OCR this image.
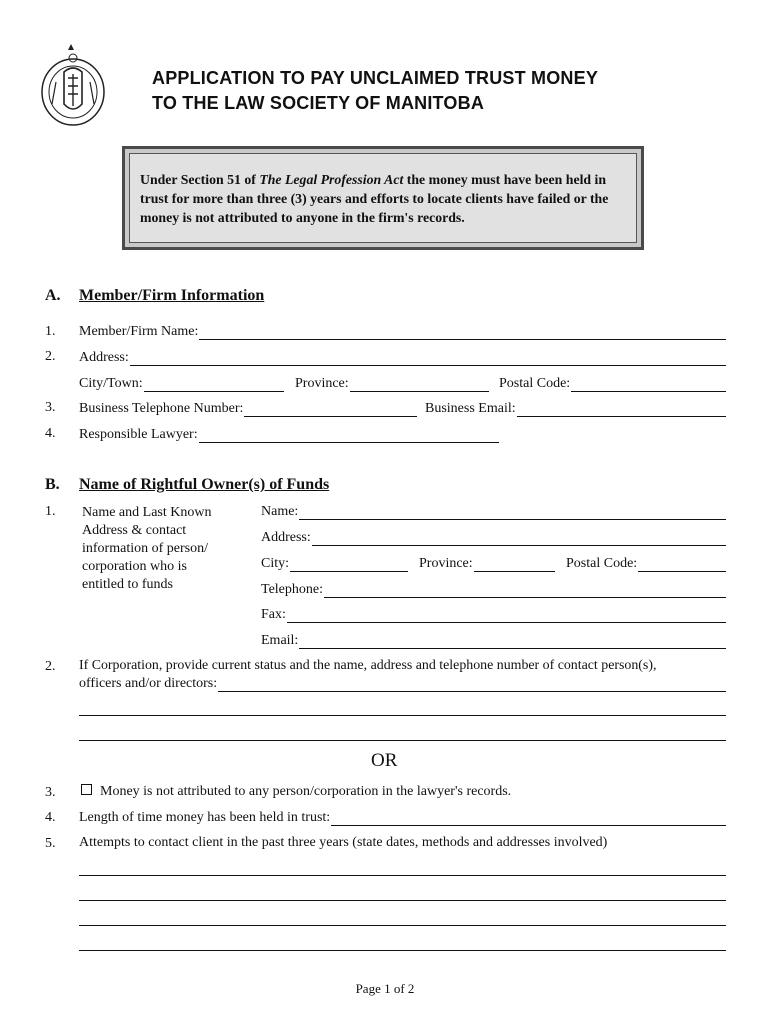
APPLICATION TO PAY UNCLAIMED TRUST MONEY
TO THE LAW SOCIETY OF MANITOBA
Under Section 51 of The Legal Profession Act the money must have been held in trust for more than three (3) years and efforts to locate clients have failed or the money is not attributed to anyone in the firm's records.
A. Member/Firm Information
1. Member/Firm Name:
2. Address:
City/Town:	Province:	Postal Code:
3. Business Telephone Number:	Business Email:
4. Responsible Lawyer:
B. Name of Rightful Owner(s) of Funds
1. Name and Last Known
Address & contact
information of person/
corporation who is
entitled to funds
Name:
Address:
City:	Province:	Postal Code:
Telephone:
Fax:
Email:
2. If Corporation, provide current status and the name, address and telephone number of contact person(s),
officers and/or directors:
OR
3.	Money is not attributed to any person/corporation in the lawyer's records.
4. Length of time money has been held in trust:
5. Attempts to contact client in the past three years (state dates, methods and addresses involved)
Page 1 of 2
